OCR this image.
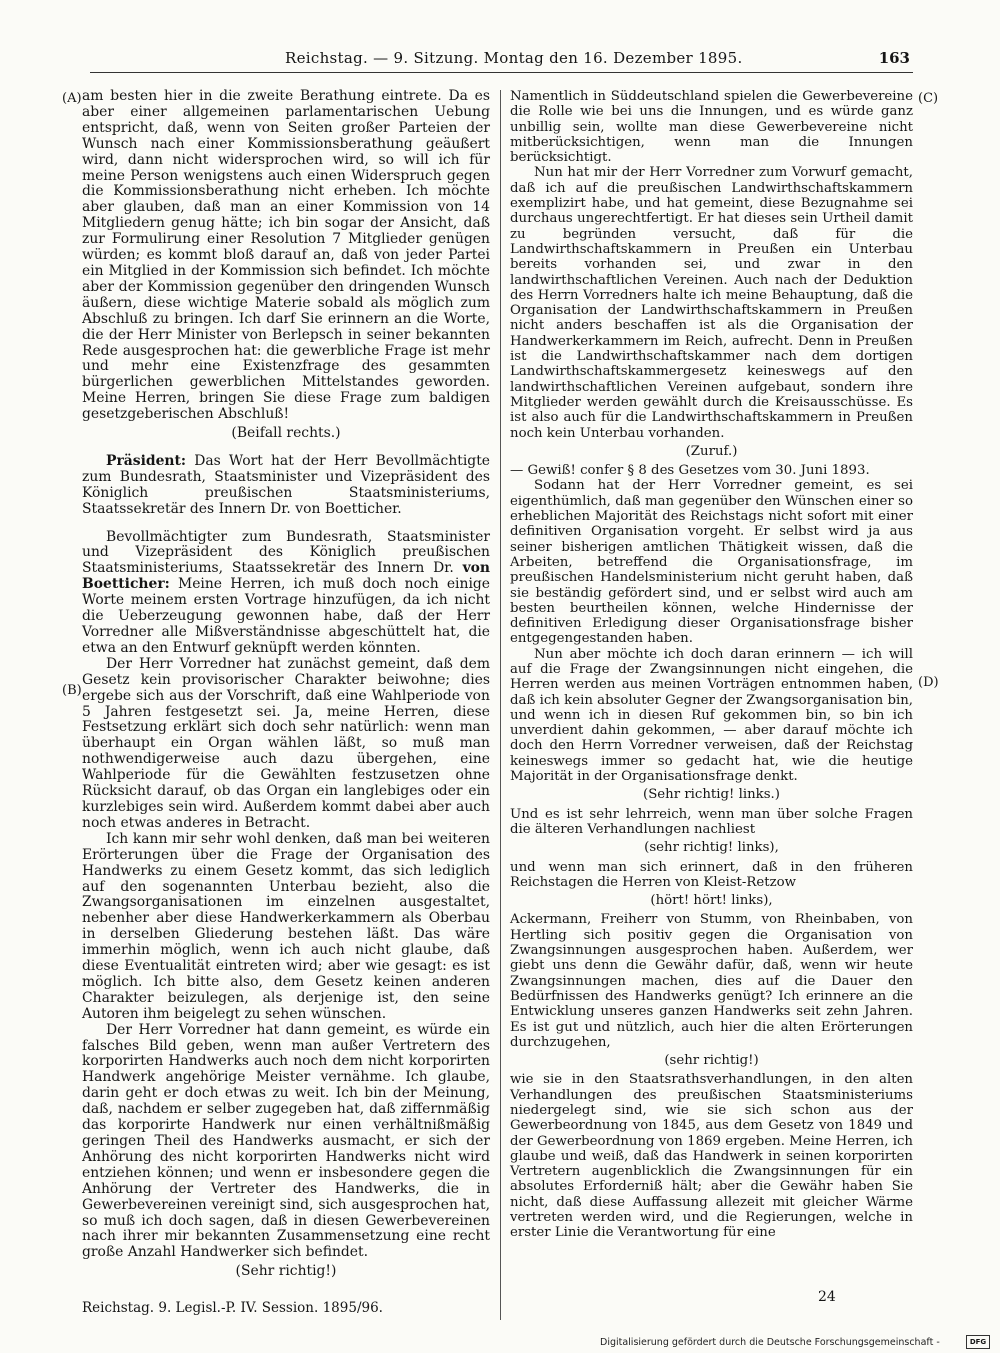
Reichstag. — 9. Sitzung. Montag den 16. Dezember 1895.	163
(A)
(B)
(C)
(D)

am besten hier in die zweite Berathung eintrete. Da es aber einer allgemeinen parlamentarischen Uebung entspricht, daß, wenn von Seiten großer Parteien der Wunsch nach einer Kommissionsberathung geäußert wird, dann nicht widersprochen wird, so will ich für meine Person wenigstens auch einen Widerspruch gegen die Kommissionsberathung nicht erheben. Ich möchte aber glauben, daß man an einer Kommission von 14 Mitgliedern genug hätte; ich bin sogar der Ansicht, daß zur Formulirung einer Resolution 7 Mitglieder genügen würden; es kommt bloß darauf an, daß von jeder Partei ein Mitglied in der Kommission sich befindet. Ich möchte aber der Kommission gegenüber den dringenden Wunsch äußern, diese wichtige Materie sobald als möglich zum Abschluß zu bringen. Ich darf Sie erinnern an die Worte, die der Herr Minister von Berlepsch in seiner bekannten Rede ausgesprochen hat: die gewerbliche Frage ist mehr und mehr eine Existenzfrage des gesammten bürgerlichen gewerblichen Mittelstandes geworden. Meine Herren, bringen Sie diese Frage zum baldigen gesetzgeberischen Abschluß!

(Beifall rechts.)

Präsident: Das Wort hat der Herr Bevollmächtigte zum Bundesrath, Staatsminister und Vizepräsident des Königlich preußischen Staatsministeriums, Staatssekretär des Innern Dr. von Boetticher.

Bevollmächtigter zum Bundesrath, Staatsminister und Vizepräsident des Königlich preußischen Staatsministeriums, Staatssekretär des Innern Dr. von Boetticher: Meine Herren, ich muß doch noch einige Worte meinem ersten Vortrage hinzufügen, da ich nicht die Ueberzeugung gewonnen habe, daß der Herr Vorredner alle Mißverständnisse abgeschüttelt hat, die etwa an den Entwurf geknüpft werden könnten.

Der Herr Vorredner hat zunächst gemeint, daß dem Gesetz kein provisorischer Charakter beiwohne; dies ergebe sich aus der Vorschrift, daß eine Wahlperiode von 5 Jahren festgesetzt sei. Ja, meine Herren, diese Festsetzung erklärt sich doch sehr natürlich: wenn man überhaupt ein Organ wählen läßt, so muß man nothwendigerweise auch dazu übergehen, eine Wahlperiode für die Gewählten festzusetzen ohne Rücksicht darauf, ob das Organ ein langlebiges oder ein kurzlebiges sein wird. Außerdem kommt dabei aber auch noch etwas anderes in Betracht.

Ich kann mir sehr wohl denken, daß man bei weiteren Erörterungen über die Frage der Organisation des Handwerks zu einem Gesetz kommt, das sich lediglich auf den sogenannten Unterbau bezieht, also die Zwangsorganisationen im einzelnen ausgestaltet, nebenher aber diese Handwerkerkammern als Oberbau in derselben Gliederung bestehen läßt. Das wäre immerhin möglich, wenn ich auch nicht glaube, daß diese Eventualität eintreten wird; aber wie gesagt: es ist möglich. Ich bitte also, dem Gesetz keinen anderen Charakter beizulegen, als derjenige ist, den seine Autoren ihm beigelegt zu sehen wünschen.

Der Herr Vorredner hat dann gemeint, es würde ein falsches Bild geben, wenn man außer Vertretern des korporirten Handwerks auch noch dem nicht korporirten Handwerk angehörige Meister vernähme. Ich glaube, darin geht er doch etwas zu weit. Ich bin der Meinung, daß, nachdem er selber zugegeben hat, daß ziffernmäßig das korporirte Handwerk nur einen verhältnißmäßig geringen Theil des Handwerks ausmacht, er sich der Anhörung des nicht korporirten Handwerks nicht wird entziehen können; und wenn er insbesondere gegen die Anhörung der Vertreter des Handwerks, die in Gewerbevereinen vereinigt sind, sich ausgesprochen hat, so muß ich doch sagen, daß in diesen Gewerbevereinen nach ihrer mir bekannten Zusammensetzung eine recht große Anzahl Handwerker sich befindet.

(Sehr richtig!)

Namentlich in Süddeutschland spielen die Gewerbevereine die Rolle wie bei uns die Innungen, und es würde ganz unbillig sein, wollte man diese Gewerbevereine nicht mitberücksichtigen, wenn man die Innungen berücksichtigt.

Nun hat mir der Herr Vorredner zum Vorwurf gemacht, daß ich auf die preußischen Landwirthschaftskammern exemplizirt habe, und hat gemeint, diese Bezugnahme sei durchaus ungerechtfertigt. Er hat dieses sein Urtheil damit zu begründen versucht, daß für die Landwirthschaftskammern in Preußen ein Unterbau bereits vorhanden sei, und zwar in den landwirthschaftlichen Vereinen. Auch nach der Deduktion des Herrn Vorredners halte ich meine Behauptung, daß die Organisation der Landwirthschaftskammern in Preußen nicht anders beschaffen ist als die Organisation der Handwerkerkammern im Reich, aufrecht. Denn in Preußen ist die Landwirthschaftskammer nach dem dortigen Landwirthschaftskammergesetz keineswegs auf den landwirthschaftlichen Vereinen aufgebaut, sondern ihre Mitglieder werden gewählt durch die Kreisausschüsse. Es ist also auch für die Landwirthschaftskammern in Preußen noch kein Unterbau vorhanden.

(Zuruf.)

— Gewiß! confer § 8 des Gesetzes vom 30. Juni 1893.

Sodann hat der Herr Vorredner gemeint, es sei eigenthümlich, daß man gegenüber den Wünschen einer so erheblichen Majorität des Reichstags nicht sofort mit einer definitiven Organisation vorgeht. Er selbst wird ja aus seiner bisherigen amtlichen Thätigkeit wissen, daß die Arbeiten, betreffend die Organisationsfrage, im preußischen Handelsministerium nicht geruht haben, daß sie beständig gefördert sind, und er selbst wird auch am besten beurtheilen können, welche Hindernisse der definitiven Erledigung dieser Organisationsfrage bisher entgegengestanden haben.

Nun aber möchte ich doch daran erinnern — ich will auf die Frage der Zwangsinnungen nicht eingehen, die Herren werden aus meinen Vorträgen entnommen haben, daß ich kein absoluter Gegner der Zwangsorganisation bin, und wenn ich in diesen Ruf gekommen bin, so bin ich unverdient dahin gekommen, — aber darauf möchte ich doch den Herrn Vorredner verweisen, daß der Reichstag keineswegs immer so gedacht hat, wie die heutige Majorität in der Organisationsfrage denkt.

(Sehr richtig! links.)

Und es ist sehr lehrreich, wenn man über solche Fragen die älteren Verhandlungen nachliest

(sehr richtig! links),

und wenn man sich erinnert, daß in den früheren Reichstagen die Herren von Kleist-Retzow

(hört! hört! links),

Ackermann, Freiherr von Stumm, von Rheinbaben, von Hertling sich positiv gegen die Organisation von Zwangsinnungen ausgesprochen haben. Außerdem, wer giebt uns denn die Gewähr dafür, daß, wenn wir heute Zwangsinnungen machen, dies auf die Dauer den Bedürfnissen des Handwerks genügt? Ich erinnere an die Entwicklung unseres ganzen Handwerks seit zehn Jahren. Es ist gut und nützlich, auch hier die alten Erörterungen durchzugehen,

(sehr richtig!)

wie sie in den Staatsrathsverhandlungen, in den alten Verhandlungen des preußischen Staatsministeriums niedergelegt sind, wie sie sich schon aus der Gewerbeordnung von 1845, aus dem Gesetz von 1849 und der Gewerbeordnung von 1869 ergeben. Meine Herren, ich glaube und weiß, daß das Handwerk in seinen korporirten Vertretern augenblicklich die Zwangsinnungen für ein absolutes Erforderniß hält; aber die Gewähr haben Sie nicht, daß diese Auffassung allezeit mit gleicher Wärme vertreten werden wird, und die Regierungen, welche in erster Linie die Verantwortung für eine

Reichstag. 9. Legisl.-P. IV. Session. 1895/96.
24
Digitalisierung gefördert durch die Deutsche Forschungsgemeinschaft -	DFG
